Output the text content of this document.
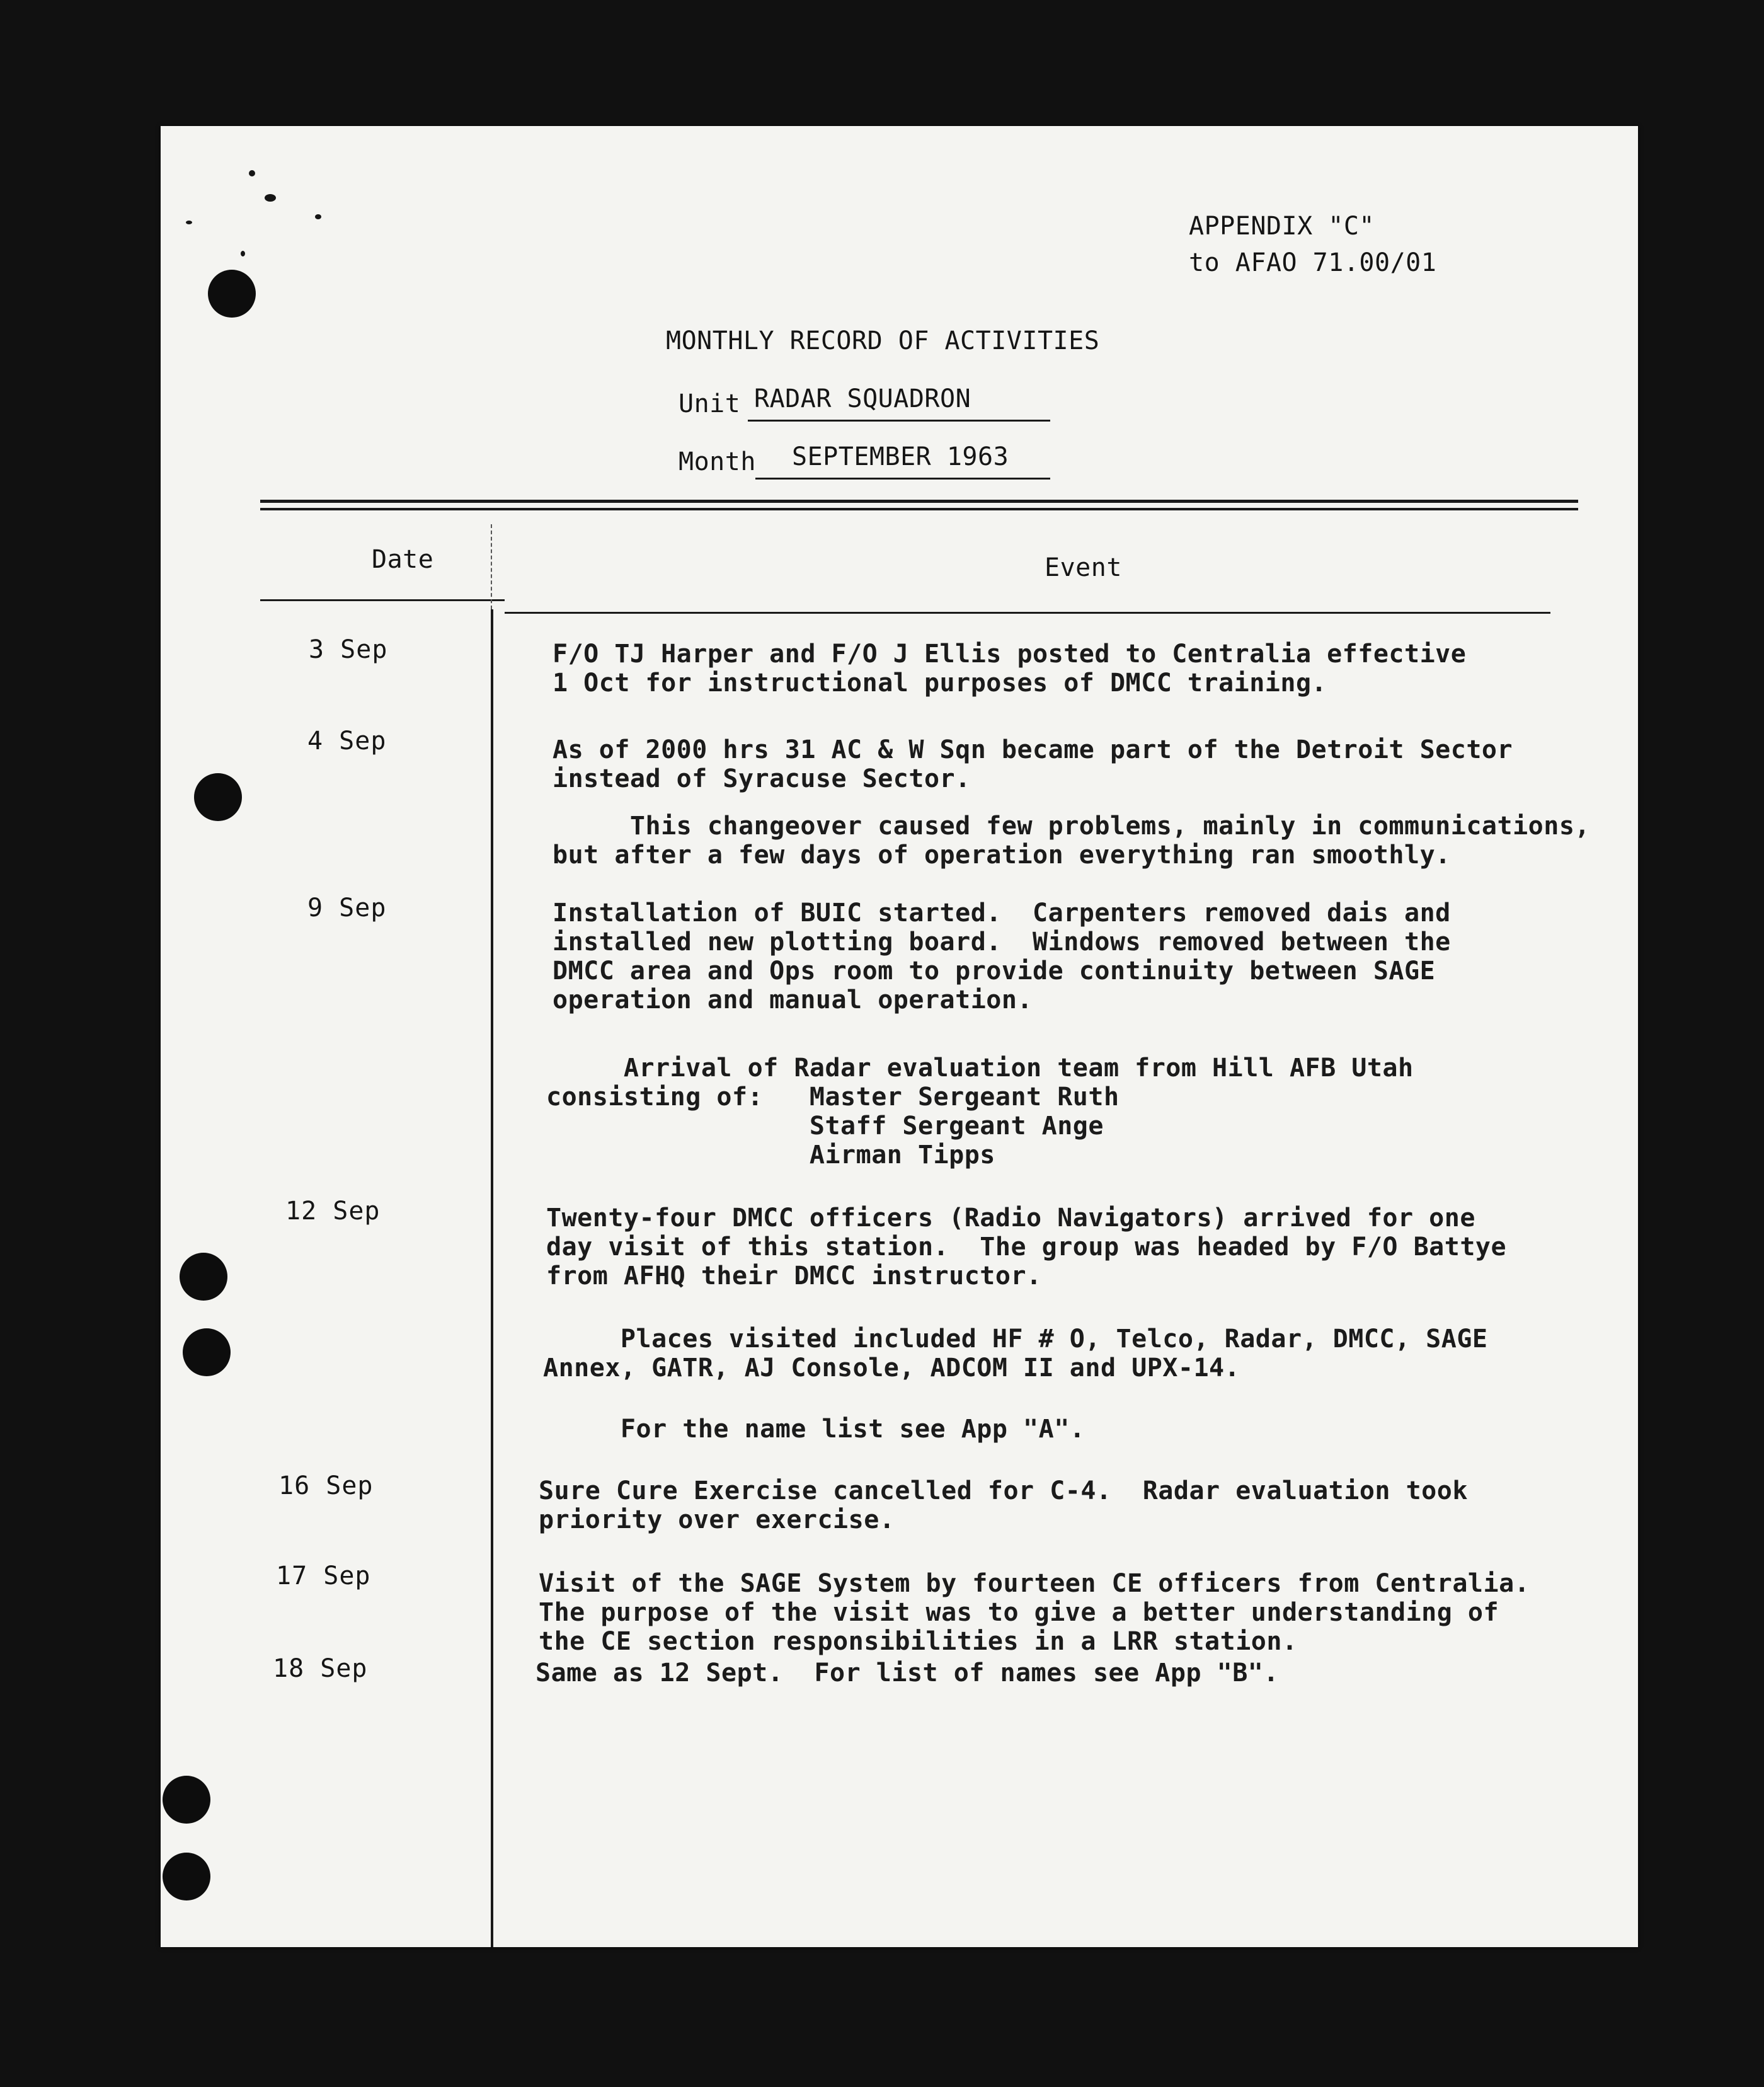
APPENDIX "C"
to AFAO 71.00/01
MONTHLY RECORD OF ACTIVITIES
Unit RADAR SQUADRON
Month SEPTEMBER 1963
Date	Event
3 Sep	F/O TJ Harper and F/O J Ellis posted to Centralia effective
1 Oct for instructional purposes of DMCC training.
4 Sep	As of 2000 hrs 31 AC & W Sqn became part of the Detroit Sector
instead of Syracuse Sector.
This changeover caused few problems, mainly in communications,
but after a few days of operation everything ran smoothly.
9 Sep	Installation of BUIC started.  Carpenters removed dais and
installed new plotting board.  Windows removed between the
DMCC area and Ops room to provide continuity between SAGE
operation and manual operation.
Arrival of Radar evaluation team from Hill AFB Utah
consisting of:   Master Sergeant Ruth
Staff Sergeant Ange
Airman Tipps
12 Sep	Twenty-four DMCC officers (Radio Navigators) arrived for one
day visit of this station.  The group was headed by F/O Battye
from AFHQ their DMCC instructor.
Places visited included HF # O, Telco, Radar, DMCC, SAGE
Annex, GATR, AJ Console, ADCOM II and UPX-14.
For the name list see App "A".
16 Sep	Sure Cure Exercise cancelled for C-4.  Radar evaluation took
priority over exercise.
17 Sep	Visit of the SAGE System by fourteen CE officers from Centralia.
The purpose of the visit was to give a better understanding of
the CE section responsibilities in a LRR station.
18 Sep	Same as 12 Sept.  For list of names see App "B".
